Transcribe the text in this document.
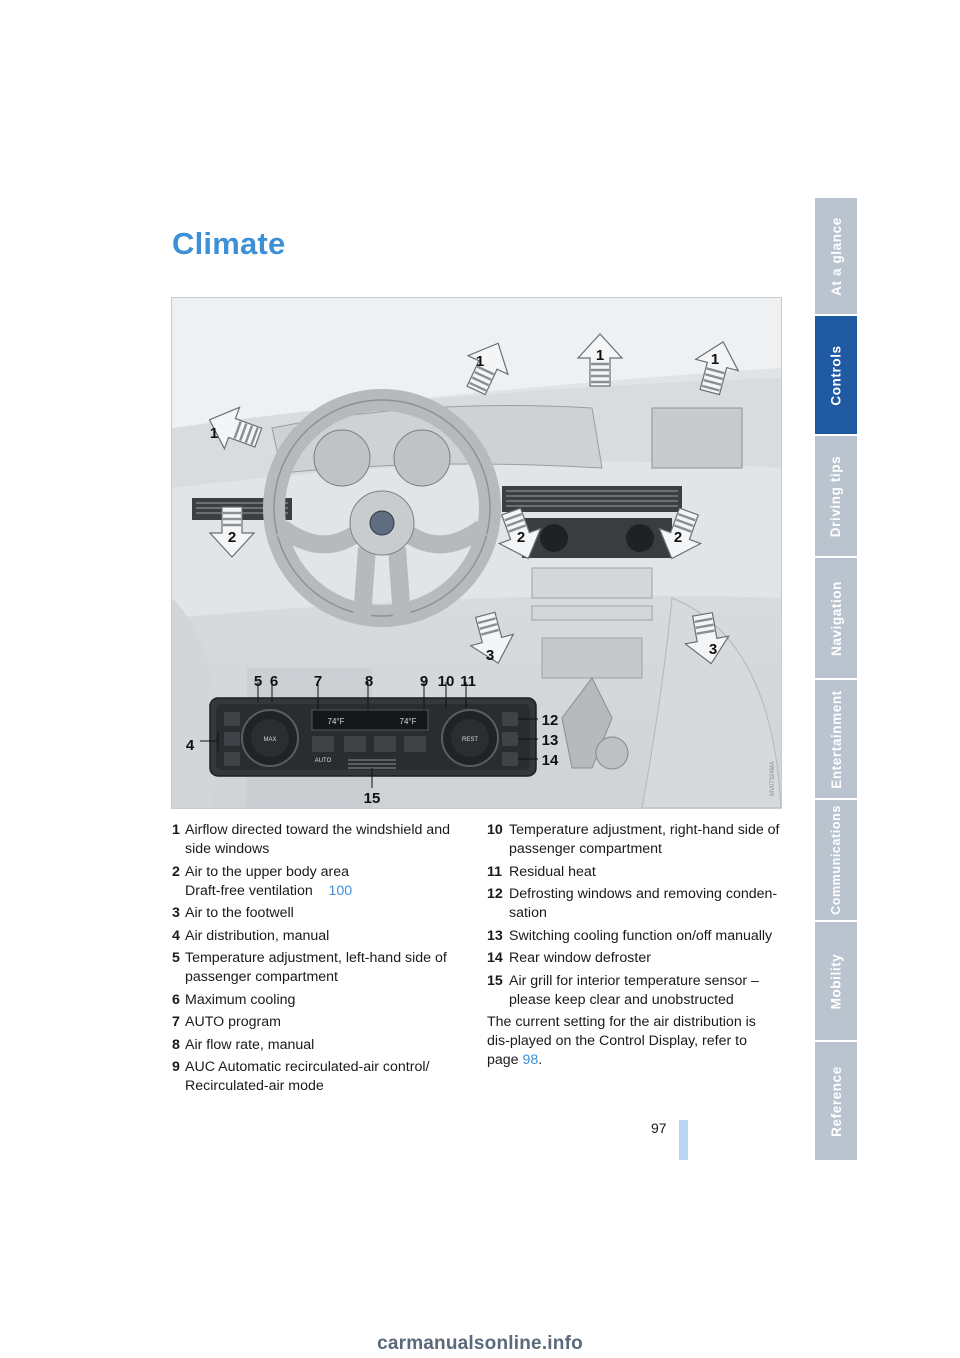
Climate
1	1	1
1
2	2	2
3	3
4
5 6 7	8	9 10 11
12
13
14
15
74°F	74°F
MAX
AUTO
REST
MV07324MA
1 Airflow directed toward the windshield and side windows
2 Air to the upper body area
Draft-free ventilation 100
3 Air to the footwell
4 Air distribution, manual
5 Temperature adjustment, left-hand side of passenger compartment
6 Maximum cooling
7 AUTO program
8 Air flow rate, manual
9 AUC Automatic recirculated-air control/ Recirculated-air mode
10 Temperature adjustment, right-hand side of passenger compartment
11 Residual heat
12 Defrosting windows and removing conden-sation
13 Switching cooling function on/off manually
14 Rear window defroster
15 Air grill for interior temperature sensor – please keep clear and unobstructed
The current setting for the air distribution is dis-played on the Control Display, refer to page 98.
At a glance
Controls
Driving tips
Navigation
Entertainment
Communications
Mobility
Reference
97
carmanualsonline.info
